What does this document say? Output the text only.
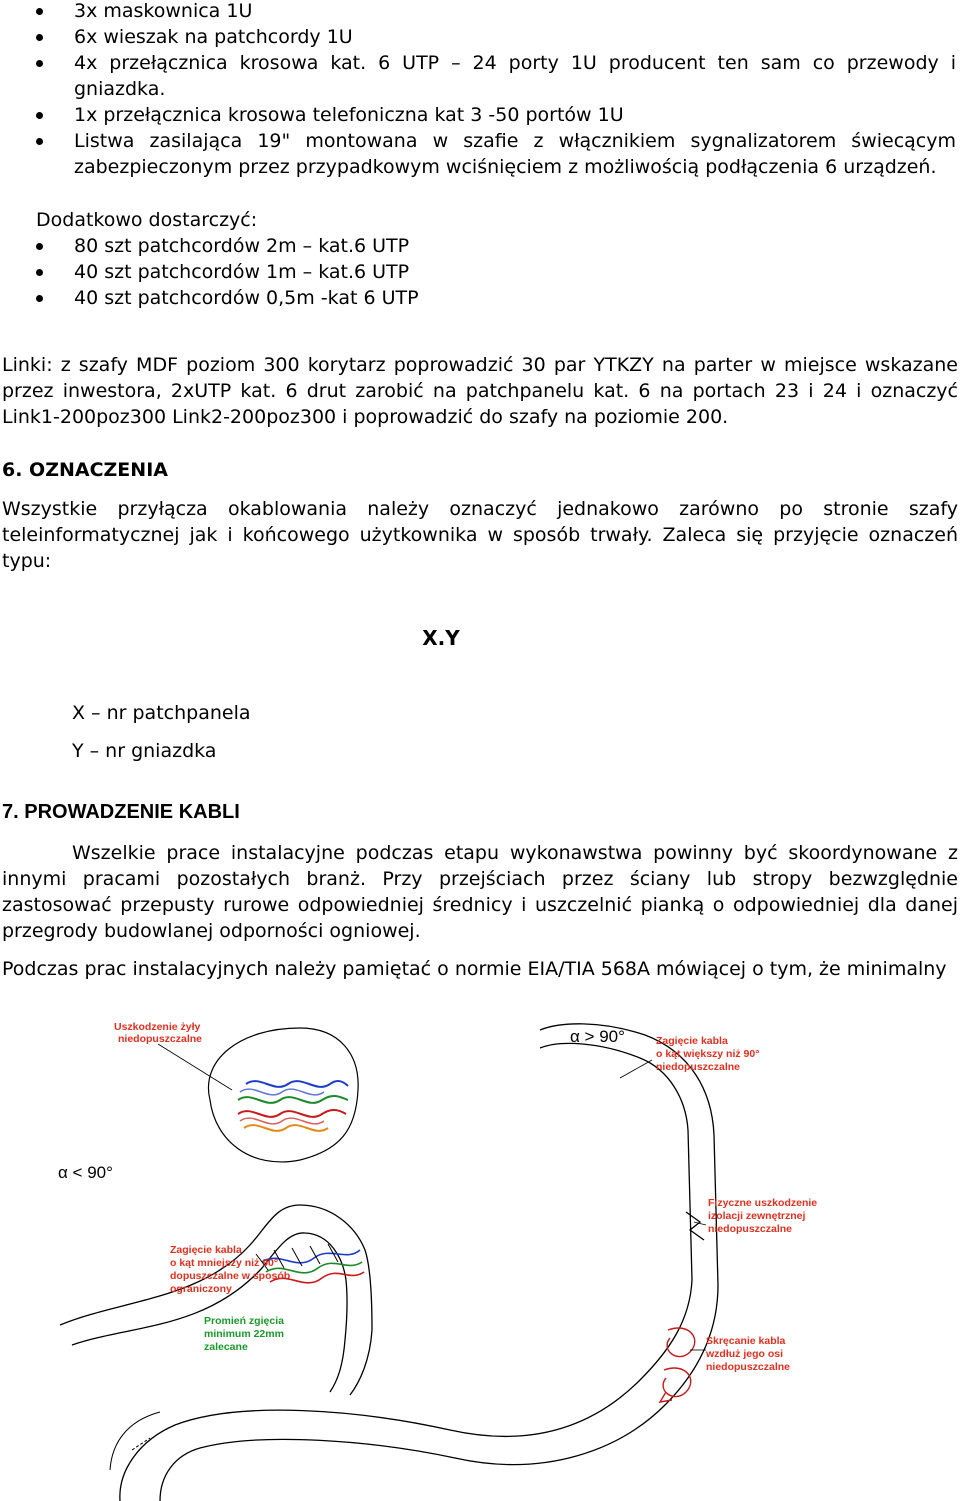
3x maskownica 1U
6x wieszak na patchcordy 1U
4x przełącznica krosowa kat. 6 UTP – 24 porty 1U producent ten sam co przewody i gniazdka.
1x przełącznica krosowa telefoniczna kat 3 -50 portów 1U
Listwa zasilająca 19" montowana w szafie z włącznikiem sygnalizatorem świecącym zabezpieczonym przez przypadkowym wciśnięciem z możliwością podłączenia 6 urządzeń.
Dodatkowo dostarczyć:
80 szt patchcordów 2m – kat.6 UTP
40 szt patchcordów 1m – kat.6 UTP
40 szt patchcordów 0,5m -kat 6 UTP
Linki: z szafy MDF poziom 300 korytarz poprowadzić 30 par YTKZY na parter w miejsce wskazane przez inwestora, 2xUTP kat. 6 drut zarobić na patchpanelu kat. 6 na portach 23 i 24 i oznaczyć Link1-200poz300 Link2-200poz300 i poprowadzić do szafy na poziomie 200.
6. OZNACZENIA
Wszystkie przyłącza okablowania należy oznaczyć jednakowo zarówno po stronie szafy teleinformatycznej jak i końcowego użytkownika w sposób trwały. Zaleca się przyjęcie oznaczeń typu:
X.Y
X – nr patchpanela
Y – nr gniazdka
7. PROWADZENIE KABLI
Wszelkie prace instalacyjne podczas etapu wykonawstwa powinny być skoordynowane z innymi pracami pozostałych branż. Przy przejściach przez ściany lub stropy bezwzględnie zastosować przepusty rurowe odpowiedniej średnicy i uszczelnić pianką o odpowiedniej dla danej przegrody budowlanej odporności ogniowej.
Podczas prac instalacyjnych należy pamiętać o normie EIA/TIA 568A mówiącej o tym, że minimalny
Uszkodzenie żyły
niedopuszczalne	α > 90°	Zagięcie kabla
o kąt większy niż 90°
niedopuszczalne
α < 90°
Fizyczne uszkodzenie
izolacji zewnętrznej
niedopuszczalne
Zagięcie kabla
o kąt mniejszy niż 90°
dopuszczalne w sposób
ograniczony
Promień zgięcia
minimum 22mm
zalecane	Skręcanie kabla
wzdłuż jego osi
niedopuszczalne
